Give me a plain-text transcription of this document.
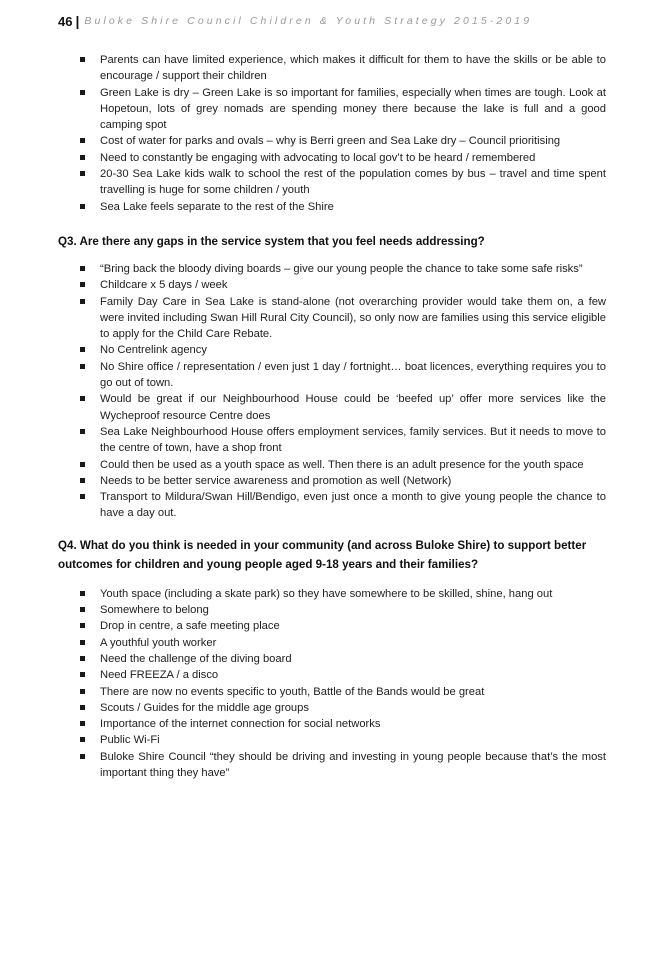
46 | Buloke Shire Council Children & Youth Strategy 2015-2019
Parents can have limited experience, which makes it difficult for them to have the skills or be able to encourage / support their children
Green Lake is dry – Green Lake is so important for families, especially when times are tough. Look at Hopetoun, lots of grey nomads are spending money there because the lake is full and a good camping spot
Cost of water for parks and ovals – why is Berri green and Sea Lake dry – Council prioritising
Need to constantly be engaging with advocating to local gov’t to be heard / remembered
20-30 Sea Lake kids walk to school the rest of the population comes by bus – travel and time spent travelling is huge for some children / youth
Sea Lake feels separate to the rest of the Shire

Q3. Are there any gaps in the service system that you feel needs addressing?

“Bring back the bloody diving boards – give our young people the chance to take some safe risks”
Childcare x 5 days / week
Family Day Care in Sea Lake is stand-alone (not overarching provider would take them on, a few were invited including Swan Hill Rural City Council), so only now are families using this service eligible to apply for the Child Care Rebate.
No Centrelink agency
No Shire office / representation / even just 1 day / fortnight… boat licences, everything requires you to go out of town.
Would be great if our Neighbourhood House could be ‘beefed up’ offer more services like the Wycheproof resource Centre does
Sea Lake Neighbourhood House offers employment services, family services. But it needs to move to the centre of town, have a shop front
Could then be used as a youth space as well. Then there is an adult presence for the youth space
Needs to be better service awareness and promotion as well (Network)
Transport to Mildura/Swan Hill/Bendigo, even just once a month to give young people the chance to have a day out.

Q4. What do you think is needed in your community (and across Buloke Shire) to support better outcomes for children and young people aged 9-18 years and their families?

Youth space (including a skate park) so they have somewhere to be skilled, shine, hang out
Somewhere to belong
Drop in centre, a safe meeting place
A youthful youth worker
Need the challenge of the diving board
Need FREEZA / a disco
There are now no events specific to youth, Battle of the Bands would be great
Scouts / Guides for the middle age groups
Importance of the internet connection for social networks
Public Wi-Fi
Buloke Shire Council “they should be driving and investing in young people because that’s the most important thing they have”
